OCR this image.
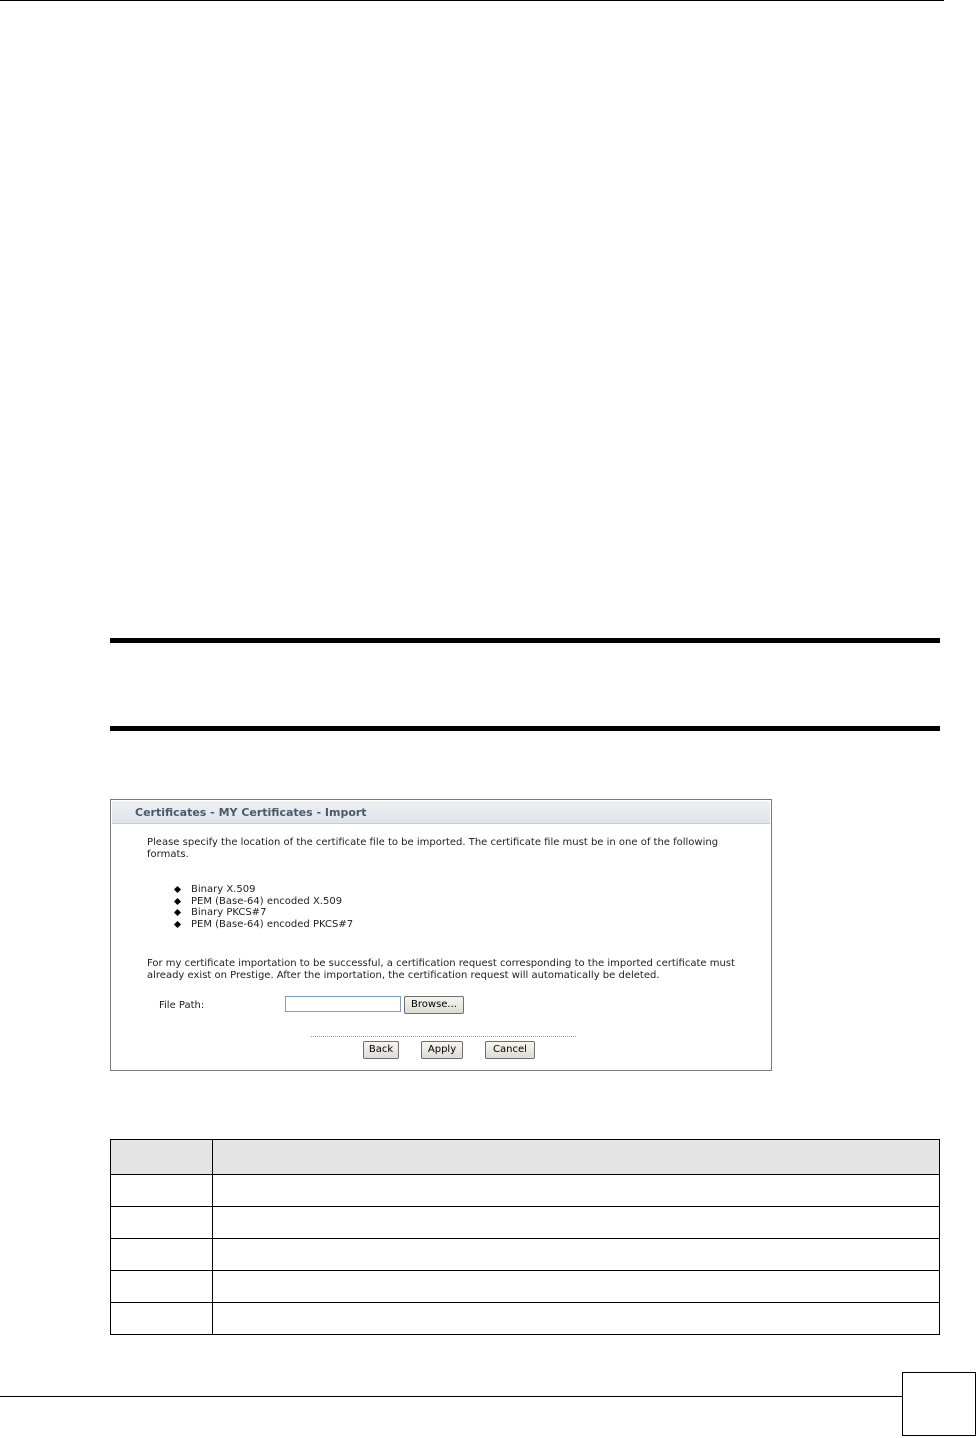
Certificates - MY Certificates - Import
Please specify the location of the certificate file to be imported. The certificate file must be in one of the following formats.
Binary X.509
PEM (Base-64) encoded X.509
Binary PKCS#7
PEM (Base-64) encoded PKCS#7
For my certificate importation to be successful, a certification request corresponding to the imported certificate must already exist on Prestige. After the importation, the certification request will automatically be deleted.
File Path:	Browse...
Back	Apply	Cancel
